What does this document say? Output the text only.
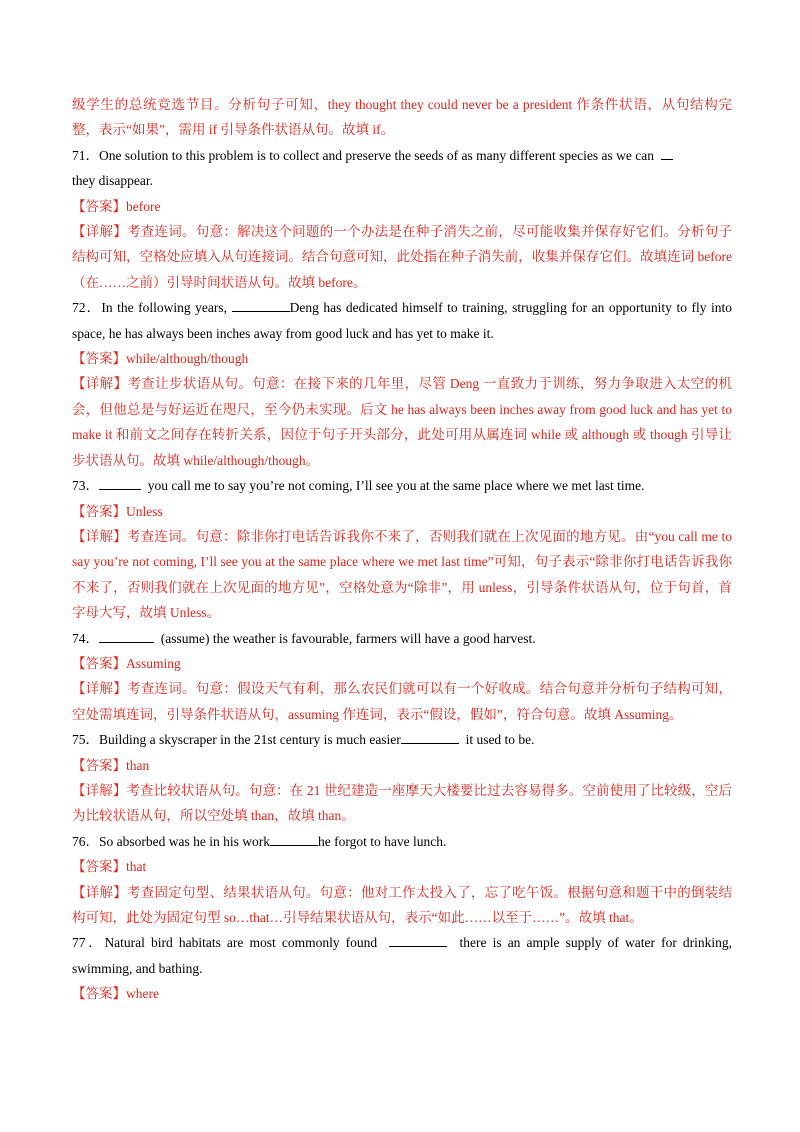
级学生的总统竞选节目。分析句子可知，they thought they could never be a president 作条件状语，从句结构完整，表示“如果”，需用 if 引导条件状语从句。故填 if。

71．One solution to this problem is to collect and preserve the seeds of as many different species as we can
they disappear.

【答案】before

【详解】考查连词。句意：解决这个问题的一个办法是在种子消失之前，尽可能收集并保存好它们。分析句子结构可知，空格处应填入从句连接词。结合句意可知，此处指在种子消失前，收集并保存它们。故填连词 before（在……之前）引导时间状语从句。故填 before。

72．In the following years,	Deng has dedicated himself to training, struggling for an opportunity to fly into space, he has always been inches away from good luck and has yet to make it.

【答案】while/although/though

【详解】考查让步状语从句。句意：在接下来的几年里，尽管 Deng 一直致力于训练，努力争取进入太空的机会，但他总是与好运近在咫尺，至今仍未实现。后文 he has always been inches away from good luck and has yet to make it 和前文之间存在转折关系，因位于句子开头部分，此处可用从属连词 while 或 although 或 though 引导让步状语从句。故填 while/although/though。

73．	you call me to say you’re not coming, I’ll see you at the same place where we met last time.

【答案】Unless

【详解】考查连词。句意：除非你打电话告诉我你不来了，否则我们就在上次见面的地方见。由“you call me to say you’re not coming, I’ll see you at the same place where we met last time”可知，句子表示“除非你打电话告诉我你不来了，否则我们就在上次见面的地方见”，空格处意为“除非”，用 unless，引导条件状语从句，位于句首，首字母大写，故填 Unless。

74．	(assume) the weather is favourable, farmers will have a good harvest.

【答案】Assuming

【详解】考查连词。句意：假设天气有利，那么农民们就可以有一个好收成。结合句意并分析句子结构可知，空处需填连词，引导条件状语从句，assuming 作连词，表示“假设，假如”，符合句意。故填 Assuming。

75．Building a skyscraper in the 21st century is much easier	it used to be.

【答案】than

【详解】考查比较状语从句。句意：在 21 世纪建造一座摩天大楼要比过去容易得多。空前使用了比较级，空后为比较状语从句，所以空处填 than，故填 than。

76．So absorbed was he in his work	he forgot to have lunch.

【答案】that

【详解】考查固定句型、结果状语从句。句意：他对工作太投入了，忘了吃午饭。根据句意和题干中的倒装结构可知，此处为固定句型 so…that…引导结果状语从句，表示“如此……以至于……”。故填 that。

77．Natural bird habitats are most commonly found	there is an ample supply of water for drinking, swimming, and bathing.

【答案】where
